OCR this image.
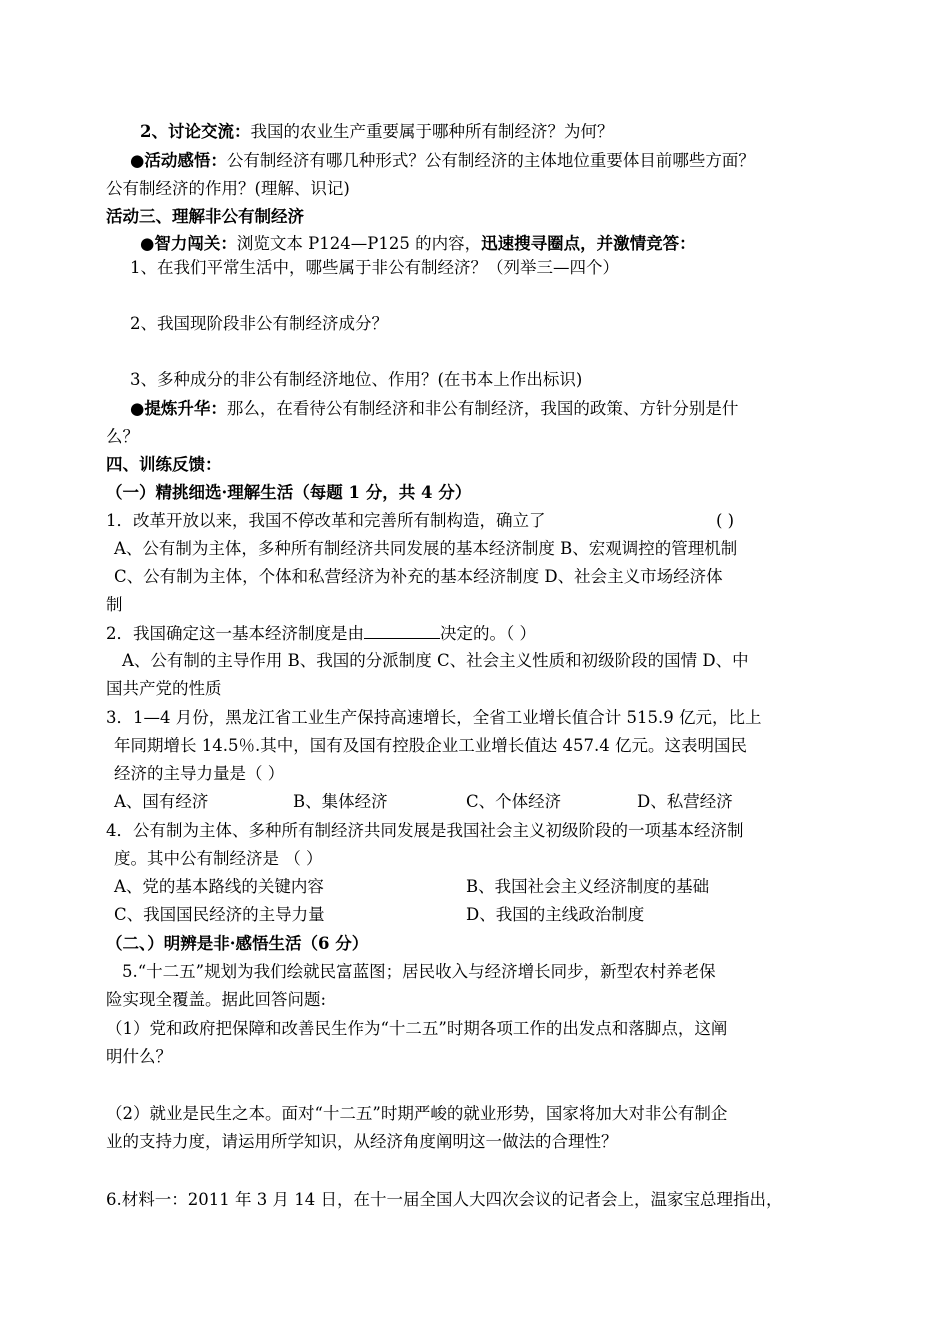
2、讨论交流：我国的农业生产重要属于哪种所有制经济？为何？
●活动感悟：公有制经济有哪几种形式？公有制经济的主体地位重要体目前哪些方面？
公有制经济的作用？(理解、识记)
活动三、理解非公有制经济
●智力闯关：浏览文本 P124—P125 的内容，迅速搜寻圈点，并激情竞答：
1、在我们平常生活中，哪些属于非公有制经济？（列举三—四个）
2、我国现阶段非公有制经济成分？
3、多种成分的非公有制经济地位、作用？(在书本上作出标识)
●提炼升华：那么，在看待公有制经济和非公有制经济，我国的政策、方针分别是什
么？
四、训练反馈：
（一）精挑细选·理解生活（每题 1 分，共 4 分）
1．改革开放以来，我国不停改革和完善所有制构造，确立了	( )
A、公有制为主体，多种所有制经济共同发展的基本经济制度 B、宏观调控的管理机制
C、公有制为主体，个体和私营经济为补充的基本经济制度 D、社会主义市场经济体
制
2．我国确定这一基本经济制度是由	决定的。（ ）
A、公有制的主导作用 B、我国的分派制度 C、社会主义性质和初级阶段的国情 D、中
国共产党的性质
3．1—4 月份，黑龙江省工业生产保持高速增长，全省工业增长值合计 515.9 亿元，比上
年同期增长 14.5％.其中，国有及国有控股企业工业增长值达 457.4 亿元。这表明国民
经济的主导力量是（ ）
A、国有经济	B、集体经济	C、个体经济	D、私营经济
4．公有制为主体、多种所有制经济共同发展是我国社会主义初级阶段的一项基本经济制
度。其中公有制经济是 （ ）
A、党的基本路线的关键内容	B、我国社会主义经济制度的基础
C、我国国民经济的主导力量	D、我国的主线政治制度
（二、）明辨是非·感悟生活（6 分）
5.“十二五”规划为我们绘就民富蓝图；居民收入与经济增长同步，新型农村养老保
险实现全覆盖。据此回答问题:
（1）党和政府把保障和改善民生作为“十二五”时期各项工作的出发点和落脚点，这阐
明什么？
（2）就业是民生之本。面对“十二五”时期严峻的就业形势，国家将加大对非公有制企
业的支持力度，请运用所学知识，从经济角度阐明这一做法的合理性？
6.材料一：2011 年 3 月 14 日，在十一届全国人大四次会议的记者会上，温家宝总理指出，
